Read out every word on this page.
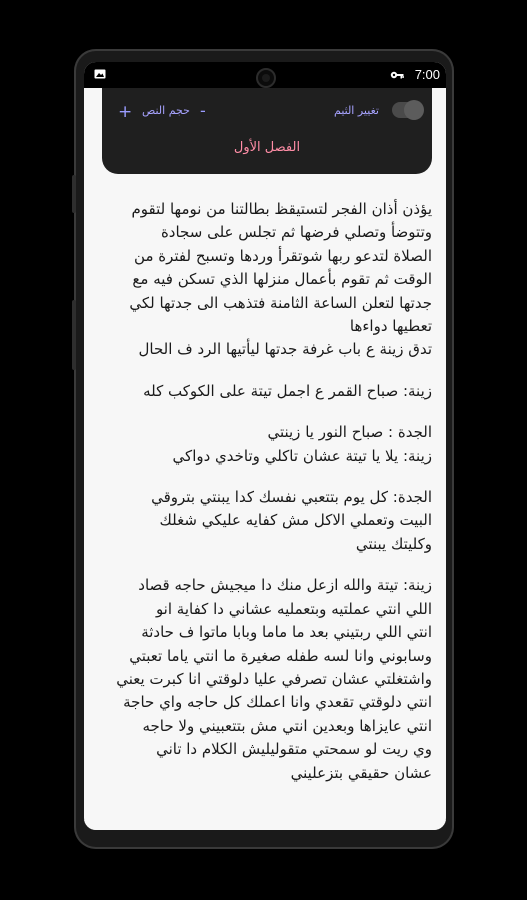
7:00
+ حجم النص -	تغيير الثيم
الفصل الأول

يؤذن أذان الفجر لتستيقظ بطالتنا من نومها لتقوم
وتتوضأ وتصلي فرضها ثم تجلس على سجادة
الصلاة لتدعو ربها شوتقرأ وردها وتسبح لفترة من
الوقت ثم تقوم بأعمال منزلها الذي تسكن فيه مع
جدتها لتعلن الساعة الثامنة فتذهب الى جدتها لكي
تعطيها دواءها
تدق زينة ع باب غرفة جدتها ليأتيها الرد ف الحال

زينة: صباح القمر ع اجمل تيتة على الكوكب كله

الجدة : صباح النور يا زينتي
زينة: يلا يا تيتة عشان تاكلي وتاخدي دواكي

الجدة: كل يوم بتتعبي نفسك كدا يبنتي بتروقي
البيت وتعملي الاكل مش كفايه عليكي شغلك
وكليتك يبنتي

زينة: تيتة والله ازعل منك دا ميجيش حاجه قصاد
اللي انتي عملتيه وبتعمليه عشاني دا كفاية انو
انتي اللي ربتيني بعد ما ماما وبابا ماتوا ف حادثة
وسابوني وانا لسه طفله صغيرة ما انتي ياما تعبتي
واشتغلتي عشان تصرفي عليا دلوقتي انا كبرت يعني
انتي دلوقتي تقعدي وانا اعملك كل حاجه واي حاجة
انتي عايزاها وبعدين انتي مش بتتعبيني ولا حاجه
وي ريت لو سمحتي متقوليليش الكلام دا تاني
عشان حقيقي بتزعليني
